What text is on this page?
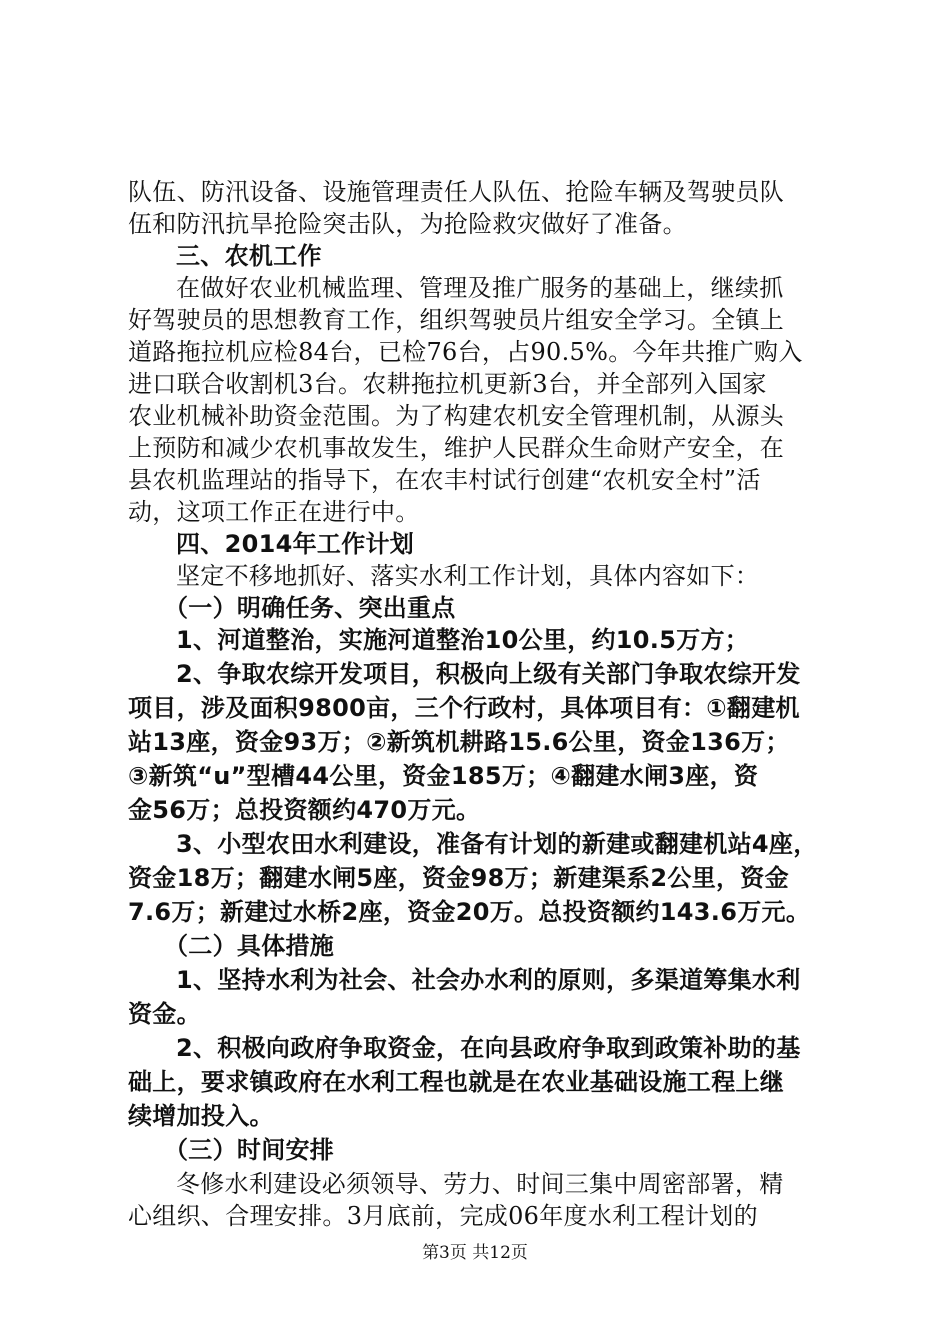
队伍、防汛设备、设施管理责任人队伍、抢险车辆及驾驶员队
伍和防汛抗旱抢险突击队，为抢险救灾做好了准备。
三、农机工作
在做好农业机械监理、管理及推广服务的基础上，继续抓
好驾驶员的思想教育工作，组织驾驶员片组安全学习。全镇上
道路拖拉机应检84台，已检76台，占90.5%。今年共推广购入
进口联合收割机3台。农耕拖拉机更新3台，并全部列入国家
农业机械补助资金范围。为了构建农机安全管理机制，从源头
上预防和减少农机事故发生，维护人民群众生命财产安全，在
县农机监理站的指导下，在农丰村试行创建“农机安全村”活
动，这项工作正在进行中。
四、2014年工作计划
坚定不移地抓好、落实水利工作计划，具体内容如下：
（一）明确任务、突出重点
1、河道整治，实施河道整治10公里，约10.5万方；
2、争取农综开发项目，积极向上级有关部门争取农综开发
项目，涉及面积9800亩，三个行政村，具体项目有：①翻建机
站13座，资金93万；②新筑机耕路15.6公里，资金136万；
③新筑“u”型槽44公里，资金185万；④翻建水闸3座，资
金56万；总投资额约470万元。
3、小型农田水利建设，准备有计划的新建或翻建机站4座，
资金18万；翻建水闸5座，资金98万；新建渠系2公里，资金
7.6万；新建过水桥2座，资金20万。总投资额约143.6万元。
（二）具体措施
1、坚持水利为社会、社会办水利的原则，多渠道筹集水利
资金。
2、积极向政府争取资金，在向县政府争取到政策补助的基
础上，要求镇政府在水利工程也就是在农业基础设施工程上继
续增加投入。
（三）时间安排
冬修水利建设必须领导、劳力、时间三集中周密部署，精
心组织、合理安排。3月底前，完成06年度水利工程计划的
第3页 共12页
